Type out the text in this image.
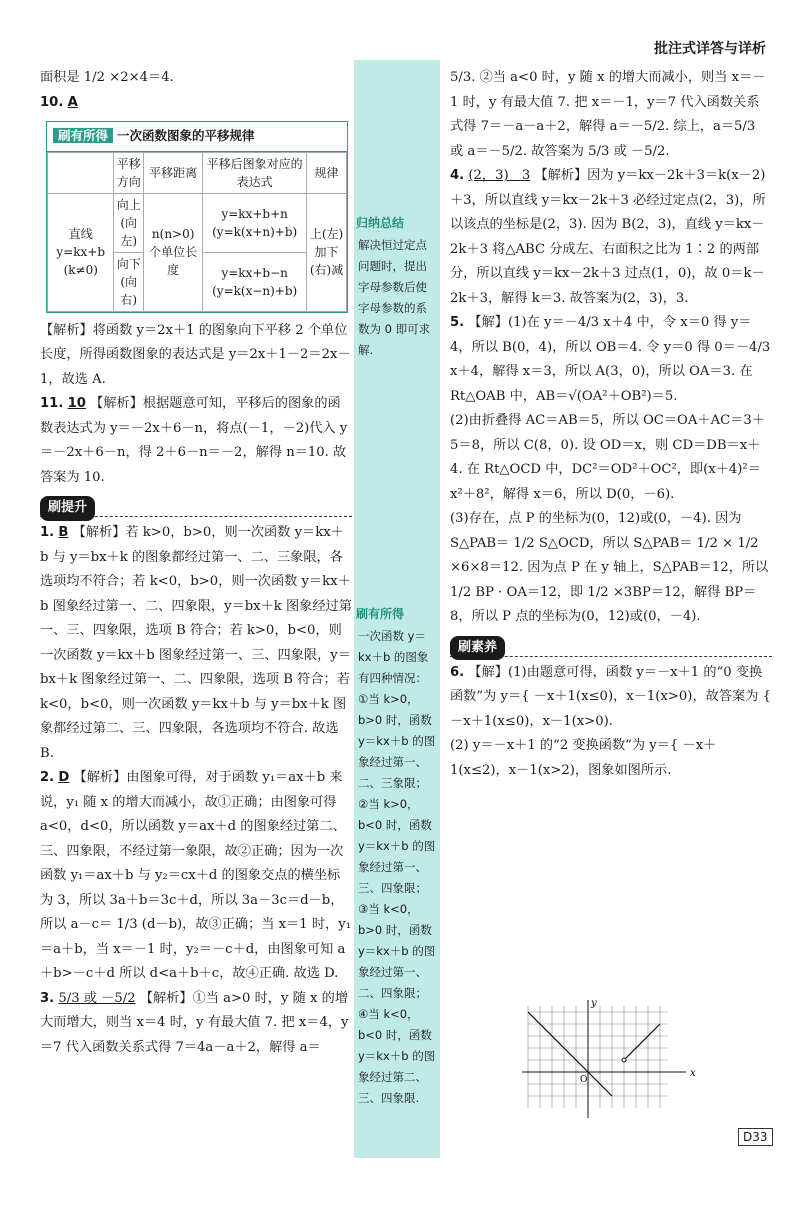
批注式详答与详析

面积是 1/2 ×2×4＝4.

10. A

刷有所得 一次函数图象的平移规律
	平移方向	平移距离	平移后图象对应的表达式	规律
直线 y=kx+b (k≠0)	向上(向左)	n(n>0)个单位长度	y=kx+b+n (y=k(x+n)+b)	上(左)加下(右)减
	向下(向右)		y=kx+b−n (y=k(x−n)+b)	

【解析】将函数 y＝2x＋1 的图象向下平移 2 个单位长度，所得函数图象的表达式是 y＝2x＋1－2＝2x－1，故选 A.

11. 10 【解析】根据题意可知，平移后的图象的函数表达式为 y＝－2x＋6－n，将点(－1，－2)代入 y＝－2x＋6－n，得 2＋6－n＝－2，解得 n＝10. 故答案为 10.

刷提升

1. B 【解析】若 k>0，b>0，则一次函数 y＝kx＋b 与 y＝bx＋k 的图象都经过第一、二、三象限，各选项均不符合；若 k<0，b>0，则一次函数 y＝kx＋b 图象经过第一、二、四象限，y＝bx＋k 图象经过第一、三、四象限，选项 B 符合；若 k>0，b<0，则一次函数 y＝kx＋b 图象经过第一、三、四象限，y＝bx＋k 图象经过第一、二、四象限，选项 B 符合；若 k<0，b<0，则一次函数 y＝kx＋b 与 y＝bx＋k 图象都经过第二、三、四象限，各选项均不符合. 故选 B.

2. D 【解析】由图象可得，对于函数 y₁＝ax＋b 来说，y₁ 随 x 的增大而减小，故①正确；由图象可得 a<0，d<0，所以函数 y＝ax＋d 的图象经过第二、三、四象限，不经过第一象限，故②正确；因为一次函数 y₁＝ax＋b 与 y₂＝cx＋d 的图象交点的横坐标为 3，所以 3a＋b＝3c＋d，所以 3a－3c＝d－b，所以 a－c＝ 1/3 (d－b)，故③正确；当 x＝1 时，y₁＝a＋b，当 x＝－1 时，y₂＝－c＋d，由图象可知 a＋b>－c＋d 所以 d<a＋b＋c，故④正确. 故选 D.

3. 5/3 或 －5/2 【解析】①当 a>0 时，y 随 x 的增大而增大，则当 x＝4 时，y 有最大值 7. 把 x＝4，y＝7 代入函数关系式得 7＝4a－a＋2，解得 a＝

归纳总结
解决恒过定点问题时，提出字母参数后使字母参数的系数为 0 即可求解.
刷有所得
一次函数 y＝kx＋b 的图象有四种情况：①当 k>0，b>0 时，函数 y＝kx＋b 的图象经过第一、二、三象限；②当 k>0，b<0 时，函数 y＝kx＋b 的图象经过第一、三、四象限；③当 k<0，b>0 时，函数 y＝kx＋b 的图象经过第一、二、四象限；④当 k<0，b<0 时，函数 y＝kx＋b 的图象经过第二、三、四象限.

5/3. ②当 a<0 时，y 随 x 的增大而减小，则当 x＝－1 时，y 有最大值 7. 把 x＝－1，y＝7 代入函数关系式得 7＝－a－a＋2，解得 a＝－5/2. 综上，a＝5/3 或 a＝－5/2. 故答案为 5/3 或 －5/2.

4. (2，3)　3 【解析】因为 y＝kx－2k＋3＝k(x－2)＋3，所以直线 y＝kx－2k＋3 必经过定点(2，3)，所以该点的坐标是(2，3). 因为 B(2，3)，直线 y＝kx－2k＋3 将△ABC 分成左、右面积之比为 1∶2 的两部分，所以直线 y＝kx－2k＋3 过点(1，0)，故 0＝k－2k＋3，解得 k＝3. 故答案为(2，3)，3.

5. 【解】(1)在 y＝－4/3 x＋4 中，令 x＝0 得 y＝4，所以 B(0，4)，所以 OB＝4. 令 y＝0 得 0＝－4/3 x＋4，解得 x＝3，所以 A(3，0)，所以 OA＝3. 在 Rt△OAB 中，AB＝√(OA²＋OB²)＝5.

(2)由折叠得 AC＝AB＝5，所以 OC＝OA＋AC＝3＋5＝8，所以 C(8，0). 设 OD＝x，则 CD＝DB＝x＋4. 在 Rt△OCD 中，DC²＝OD²＋OC²，即(x＋4)²＝x²＋8²，解得 x＝6，所以 D(0，－6).

(3)存在，点 P 的坐标为(0，12)或(0，－4). 因为 S△PAB＝ 1/2 S△OCD，所以 S△PAB＝ 1/2 × 1/2 ×6×8＝12. 因为点 P 在 y 轴上，S△PAB＝12，所以 1/2 BP · OA＝12，即 1/2 ×3BP＝12，解得 BP＝8，所以 P 点的坐标为(0，12)或(0，－4).

刷素养

6. 【解】(1)由题意可得，函数 y＝－x＋1 的“0 变换函数”为 y＝{ －x＋1(x≤0)，x－1(x>0)，故答案为 { －x＋1(x≤0)，x－1(x>0).

(2) y＝－x＋1 的“2 变换函数”为 y＝{ －x＋1(x≤2)，x－1(x>2)，图象如图所示.

x
y
O
D33
